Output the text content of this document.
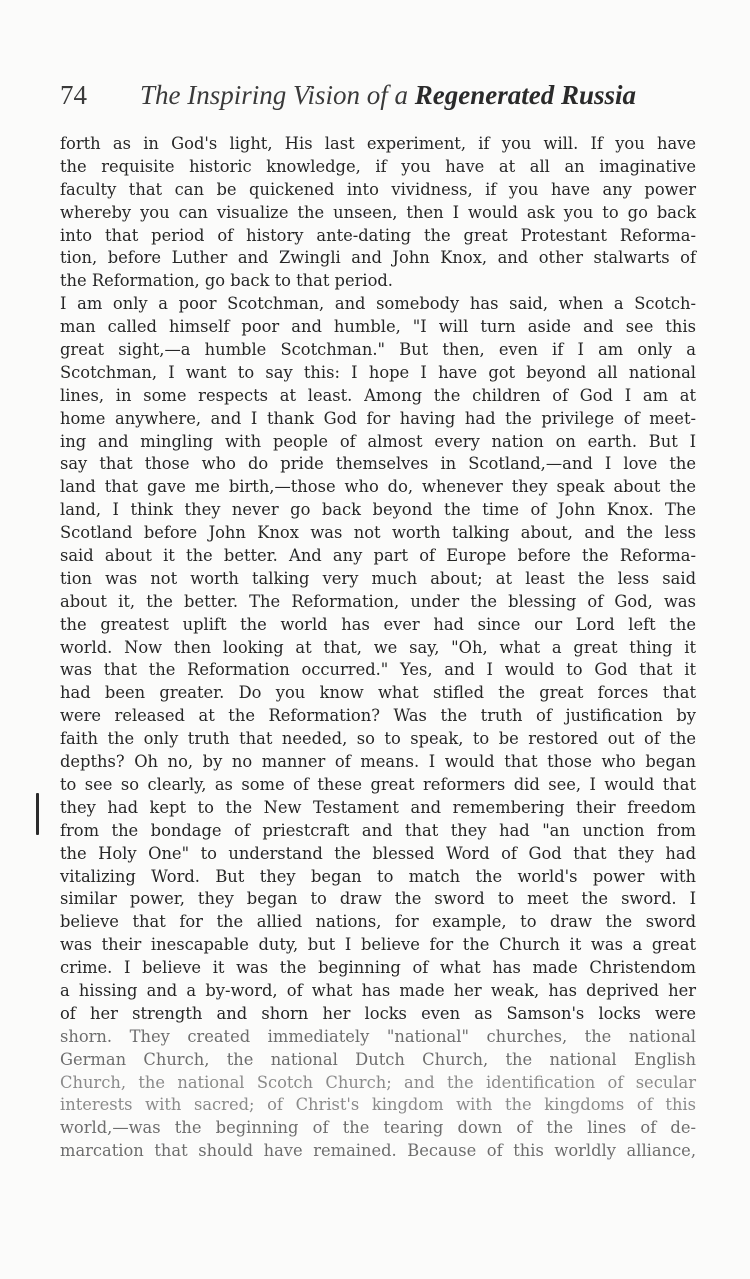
74	The Inspiring Vision of a Regenerated Russia
forth as in God's light, His last experiment, if you will. If you have
the requisite historic knowledge, if you have at all an imaginative
faculty that can be quickened into vividness, if you have any power
whereby you can visualize the unseen, then I would ask you to go back
into that period of history ante-dating the great Protestant Reforma-
tion, before Luther and Zwingli and John Knox, and other stalwarts of
the Reformation, go back to that period.
I am only a poor Scotchman, and somebody has said, when a Scotch-
man called himself poor and humble, "I will turn aside and see this
great sight,—a humble Scotchman." But then, even if I am only a
Scotchman, I want to say this: I hope I have got beyond all national
lines, in some respects at least. Among the children of God I am at
home anywhere, and I thank God for having had the privilege of meet-
ing and mingling with people of almost every nation on earth. But I
say that those who do pride themselves in Scotland,—and I love the
land that gave me birth,—those who do, whenever they speak about the
land, I think they never go back beyond the time of John Knox. The
Scotland before John Knox was not worth talking about, and the less
said about it the better. And any part of Europe before the Reforma-
tion was not worth talking very much about; at least the less said
about it, the better. The Reformation, under the blessing of God, was
the greatest uplift the world has ever had since our Lord left the
world. Now then looking at that, we say, "Oh, what a great thing it
was that the Reformation occurred." Yes, and I would to God that it
had been greater. Do you know what stifled the great forces that
were released at the Reformation? Was the truth of justification by
faith the only truth that needed, so to speak, to be restored out of the
depths? Oh no, by no manner of means. I would that those who began
to see so clearly, as some of these great reformers did see, I would that
they had kept to the New Testament and remembering their freedom
from the bondage of priestcraft and that they had "an unction from
the Holy One" to understand the blessed Word of God that they had
vitalizing Word. But they began to match the world's power with
similar power, they began to draw the sword to meet the sword. I
believe that for the allied nations, for example, to draw the sword
was their inescapable duty, but I believe for the Church it was a great
crime. I believe it was the beginning of what has made Christendom
a hissing and a by-word, of what has made her weak, has deprived her
of her strength and shorn her locks even as Samson's locks were
shorn. They created immediately "national" churches, the national
German Church, the national Dutch Church, the national English
Church, the national Scotch Church; and the identification of secular
interests with sacred; of Christ's kingdom with the kingdoms of this
world,—was the beginning of the tearing down of the lines of de-
marcation that should have remained. Because of this worldly alliance,
